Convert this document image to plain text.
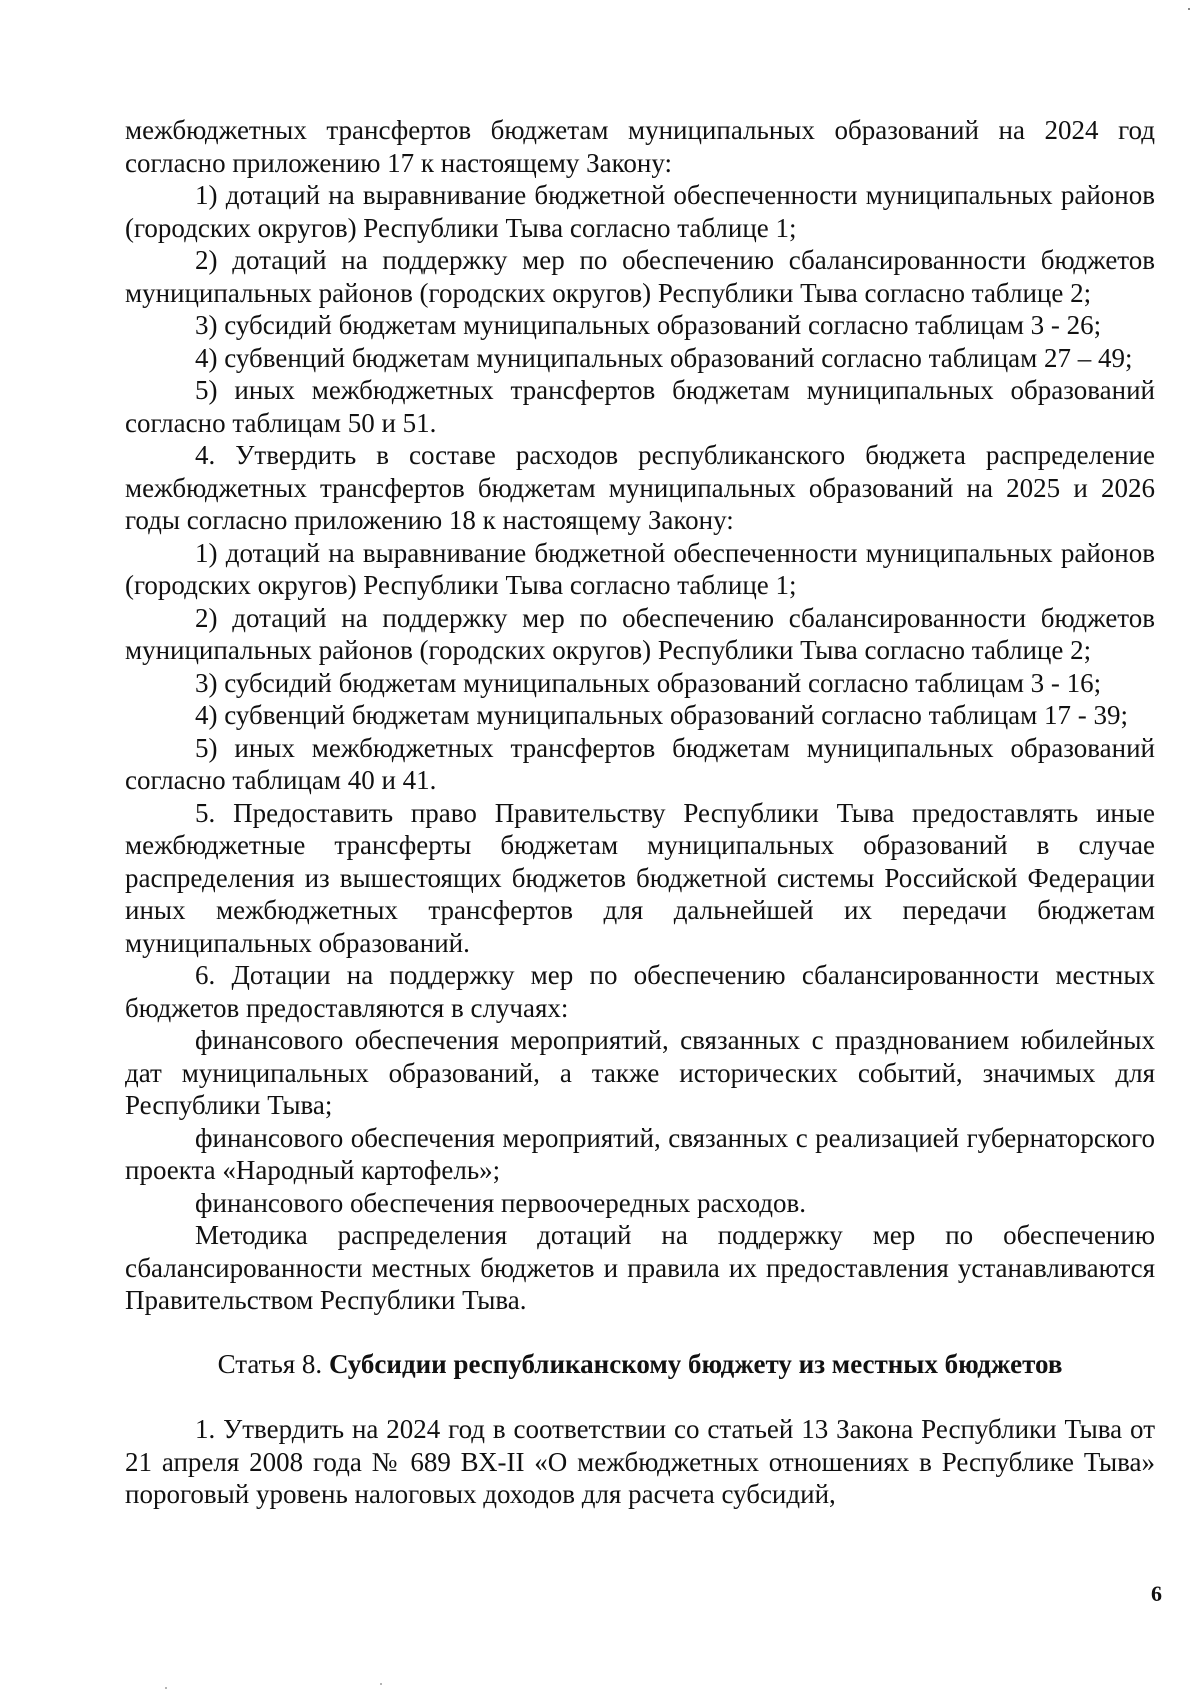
межбюджетных трансфертов бюджетам муниципальных образований на 2024 год согласно приложению 17 к настоящему Закону:

1) дотаций на выравнивание бюджетной обеспеченности муниципальных районов (городских округов) Республики Тыва согласно таблице 1;

2) дотаций на поддержку мер по обеспечению сбалансированности бюджетов муниципальных районов (городских округов) Республики Тыва согласно таблице 2;

3) субсидий бюджетам муниципальных образований согласно таблицам 3 - 26;

4) субвенций бюджетам муниципальных образований согласно таблицам 27 – 49;

5) иных межбюджетных трансфертов бюджетам муниципальных образований согласно таблицам 50 и 51.

4. Утвердить в составе расходов республиканского бюджета распределение межбюджетных трансфертов бюджетам муниципальных образований на 2025 и 2026 годы согласно приложению 18 к настоящему Закону:

1) дотаций на выравнивание бюджетной обеспеченности муниципальных районов (городских округов) Республики Тыва согласно таблице 1;

2) дотаций на поддержку мер по обеспечению сбалансированности бюджетов муниципальных районов (городских округов) Республики Тыва согласно таблице 2;

3) субсидий бюджетам муниципальных образований согласно таблицам 3 - 16;

4) субвенций бюджетам муниципальных образований согласно таблицам 17 - 39;

5) иных межбюджетных трансфертов бюджетам муниципальных образований согласно таблицам 40 и 41.

5. Предоставить право Правительству Республики Тыва предоставлять иные межбюджетные трансферты бюджетам муниципальных образований в случае распределения из вышестоящих бюджетов бюджетной системы Российской Федерации иных межбюджетных трансфертов для дальнейшей их передачи бюджетам муниципальных образований.

6. Дотации на поддержку мер по обеспечению сбалансированности местных бюджетов предоставляются в случаях:

финансового обеспечения мероприятий, связанных с празднованием юбилейных дат муниципальных образований, а также исторических событий, значимых для Республики Тыва;

финансового обеспечения мероприятий, связанных с реализацией губернаторского проекта «Народный картофель»;

финансового обеспечения первоочередных расходов.

Методика распределения дотаций на поддержку мер по обеспечению сбалансированности местных бюджетов и правила их предоставления устанавливаются Правительством Республики Тыва.

Статья 8. Субсидии республиканскому бюджету из местных бюджетов

1. Утвердить на 2024 год в соответствии со статьей 13 Закона Республики Тыва от 21 апреля 2008 года № 689 ВХ-II «О межбюджетных отношениях в Республике Тыва» пороговый уровень налоговых доходов для расчета субсидий,

6
